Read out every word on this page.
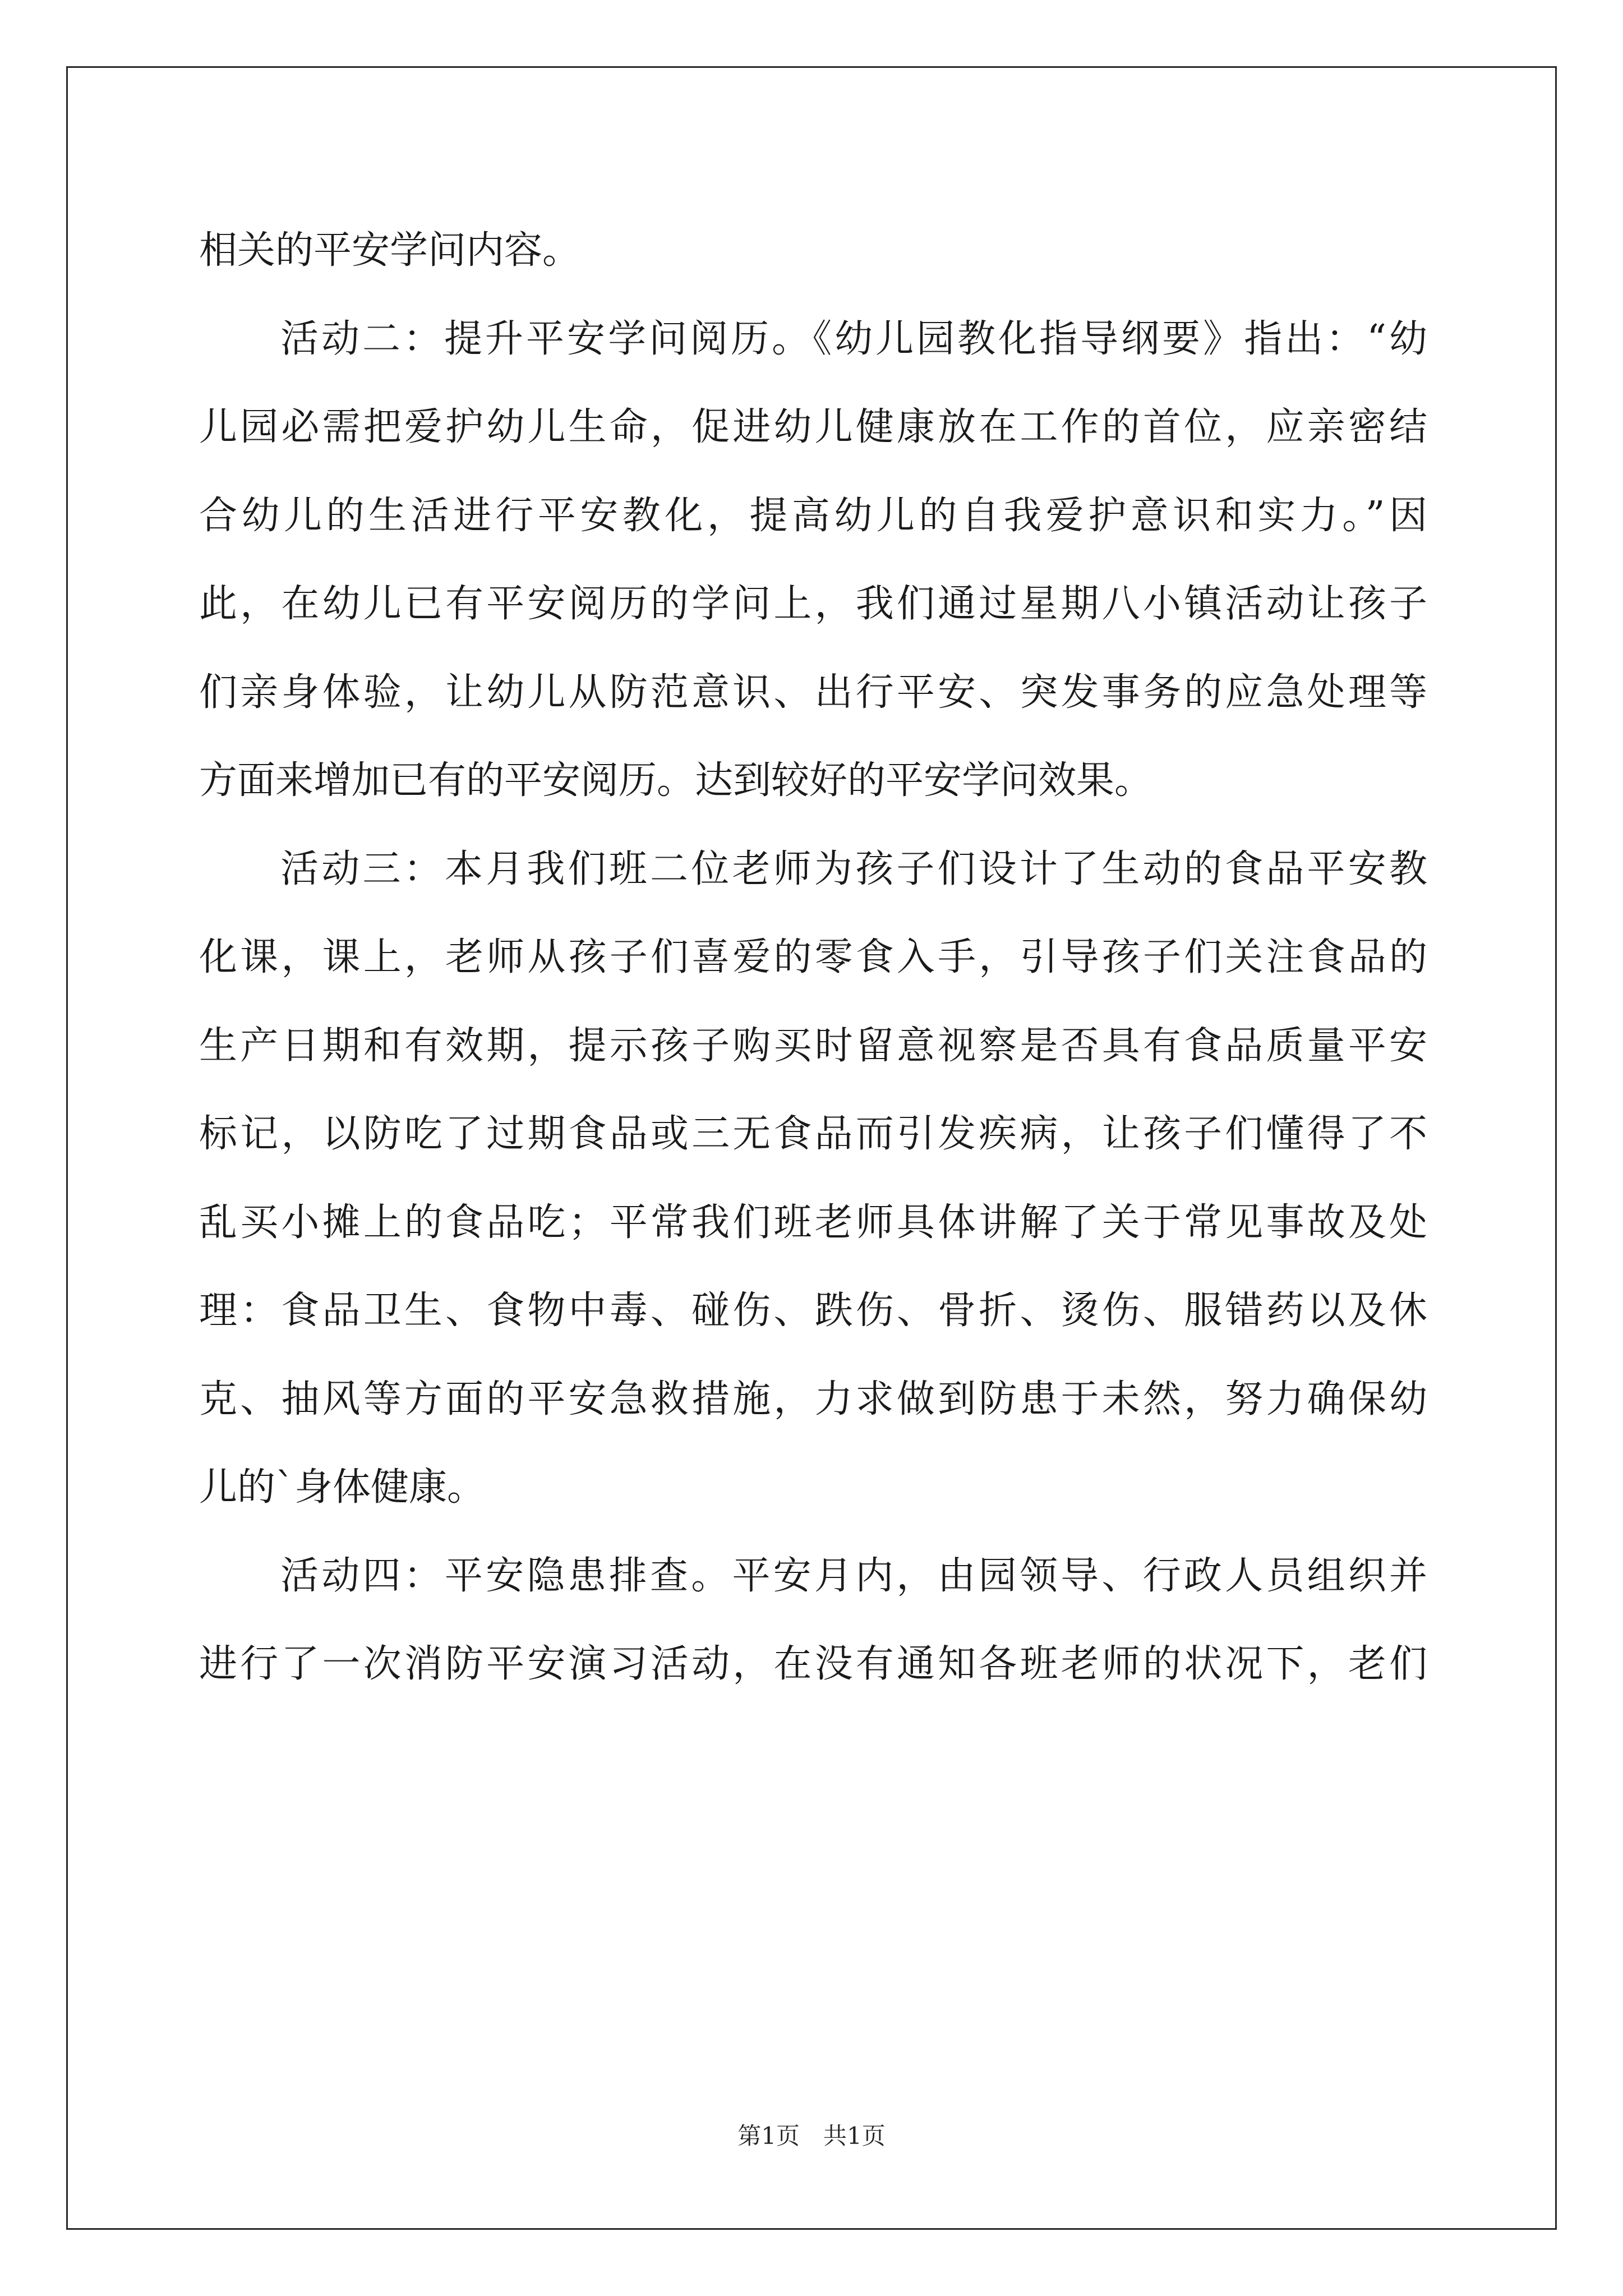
相关的平安学问内容。
活动二：提升平安学问阅历。《幼儿园教化指导纲要》指出：“幼
儿园必需把爱护幼儿生命，促进幼儿健康放在工作的首位，应亲密结
合幼儿的生活进行平安教化，提高幼儿的自我爱护意识和实力。”因
此，在幼儿已有平安阅历的学问上，我们通过星期八小镇活动让孩子
们亲身体验，让幼儿从防范意识、出行平安、突发事务的应急处理等
方面来增加已有的平安阅历。达到较好的平安学问效果。
活动三：本月我们班二位老师为孩子们设计了生动的食品平安教
化课，课上，老师从孩子们喜爱的零食入手，引导孩子们关注食品的
生产日期和有效期，提示孩子购买时留意视察是否具有食品质量平安
标记，以防吃了过期食品或三无食品而引发疾病，让孩子们懂得了不
乱买小摊上的食品吃；平常我们班老师具体讲解了关于常见事故及处
理：食品卫生、食物中毒、碰伤、跌伤、骨折、烫伤、服错药以及休
克、抽风等方面的平安急救措施，力求做到防患于未然，努力确保幼
儿的`身体健康。
活动四：平安隐患排查。平安月内，由园领导、行政人员组织并
进行了一次消防平安演习活动，在没有通知各班老师的状况下，老们
第1页　共1页
